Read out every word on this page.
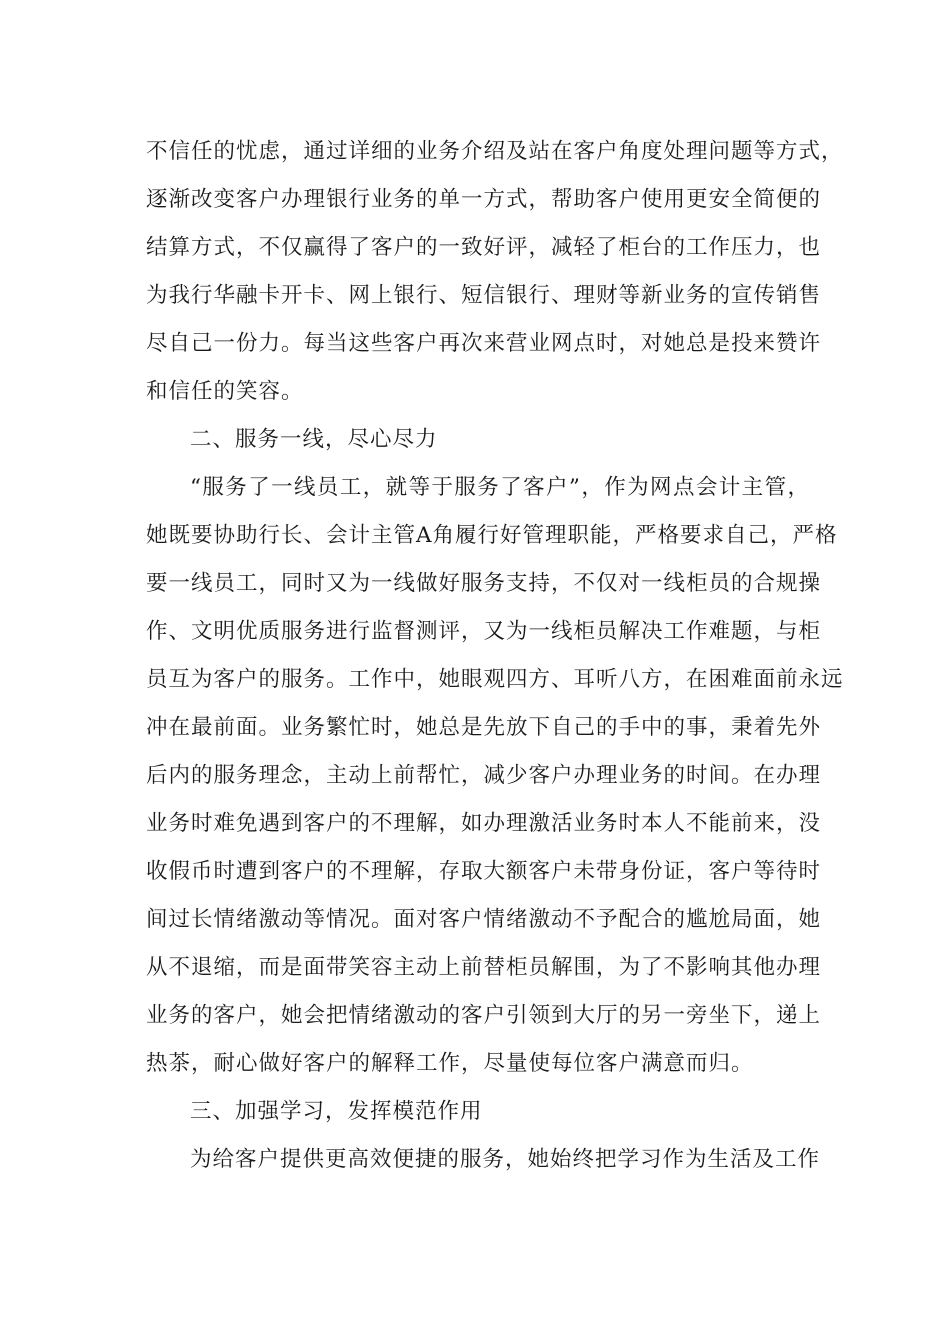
不信任的忧虑，通过详细的业务介绍及站在客户角度处理问题等方式，
逐渐改变客户办理银行业务的单一方式，帮助客户使用更安全简便的
结算方式，不仅赢得了客户的一致好评，减轻了柜台的工作压力，也
为我行华融卡开卡、网上银行、短信银行、理财等新业务的宣传销售
尽自己一份力。每当这些客户再次来营业网点时，对她总是投来赞许
和信任的笑容。
二、服务一线，尽心尽力
“服务了一线员工，就等于服务了客户”，作为网点会计主管，
她既要协助行长、会计主管A角履行好管理职能，严格要求自己，严格
要一线员工，同时又为一线做好服务支持，不仅对一线柜员的合规操
作、文明优质服务进行监督测评，又为一线柜员解决工作难题，与柜
员互为客户的服务。工作中，她眼观四方、耳听八方，在困难面前永远
冲在最前面。业务繁忙时，她总是先放下自己的手中的事，秉着先外
后内的服务理念，主动上前帮忙，减少客户办理业务的时间。在办理
业务时难免遇到客户的不理解，如办理激活业务时本人不能前来，没
收假币时遭到客户的不理解，存取大额客户未带身份证，客户等待时
间过长情绪激动等情况。面对客户情绪激动不予配合的尴尬局面，她
从不退缩，而是面带笑容主动上前替柜员解围，为了不影响其他办理
业务的客户，她会把情绪激动的客户引领到大厅的另一旁坐下，递上
热茶，耐心做好客户的解释工作，尽量使每位客户满意而归。
三、加强学习，发挥模范作用
为给客户提供更高效便捷的服务，她始终把学习作为生活及工作
